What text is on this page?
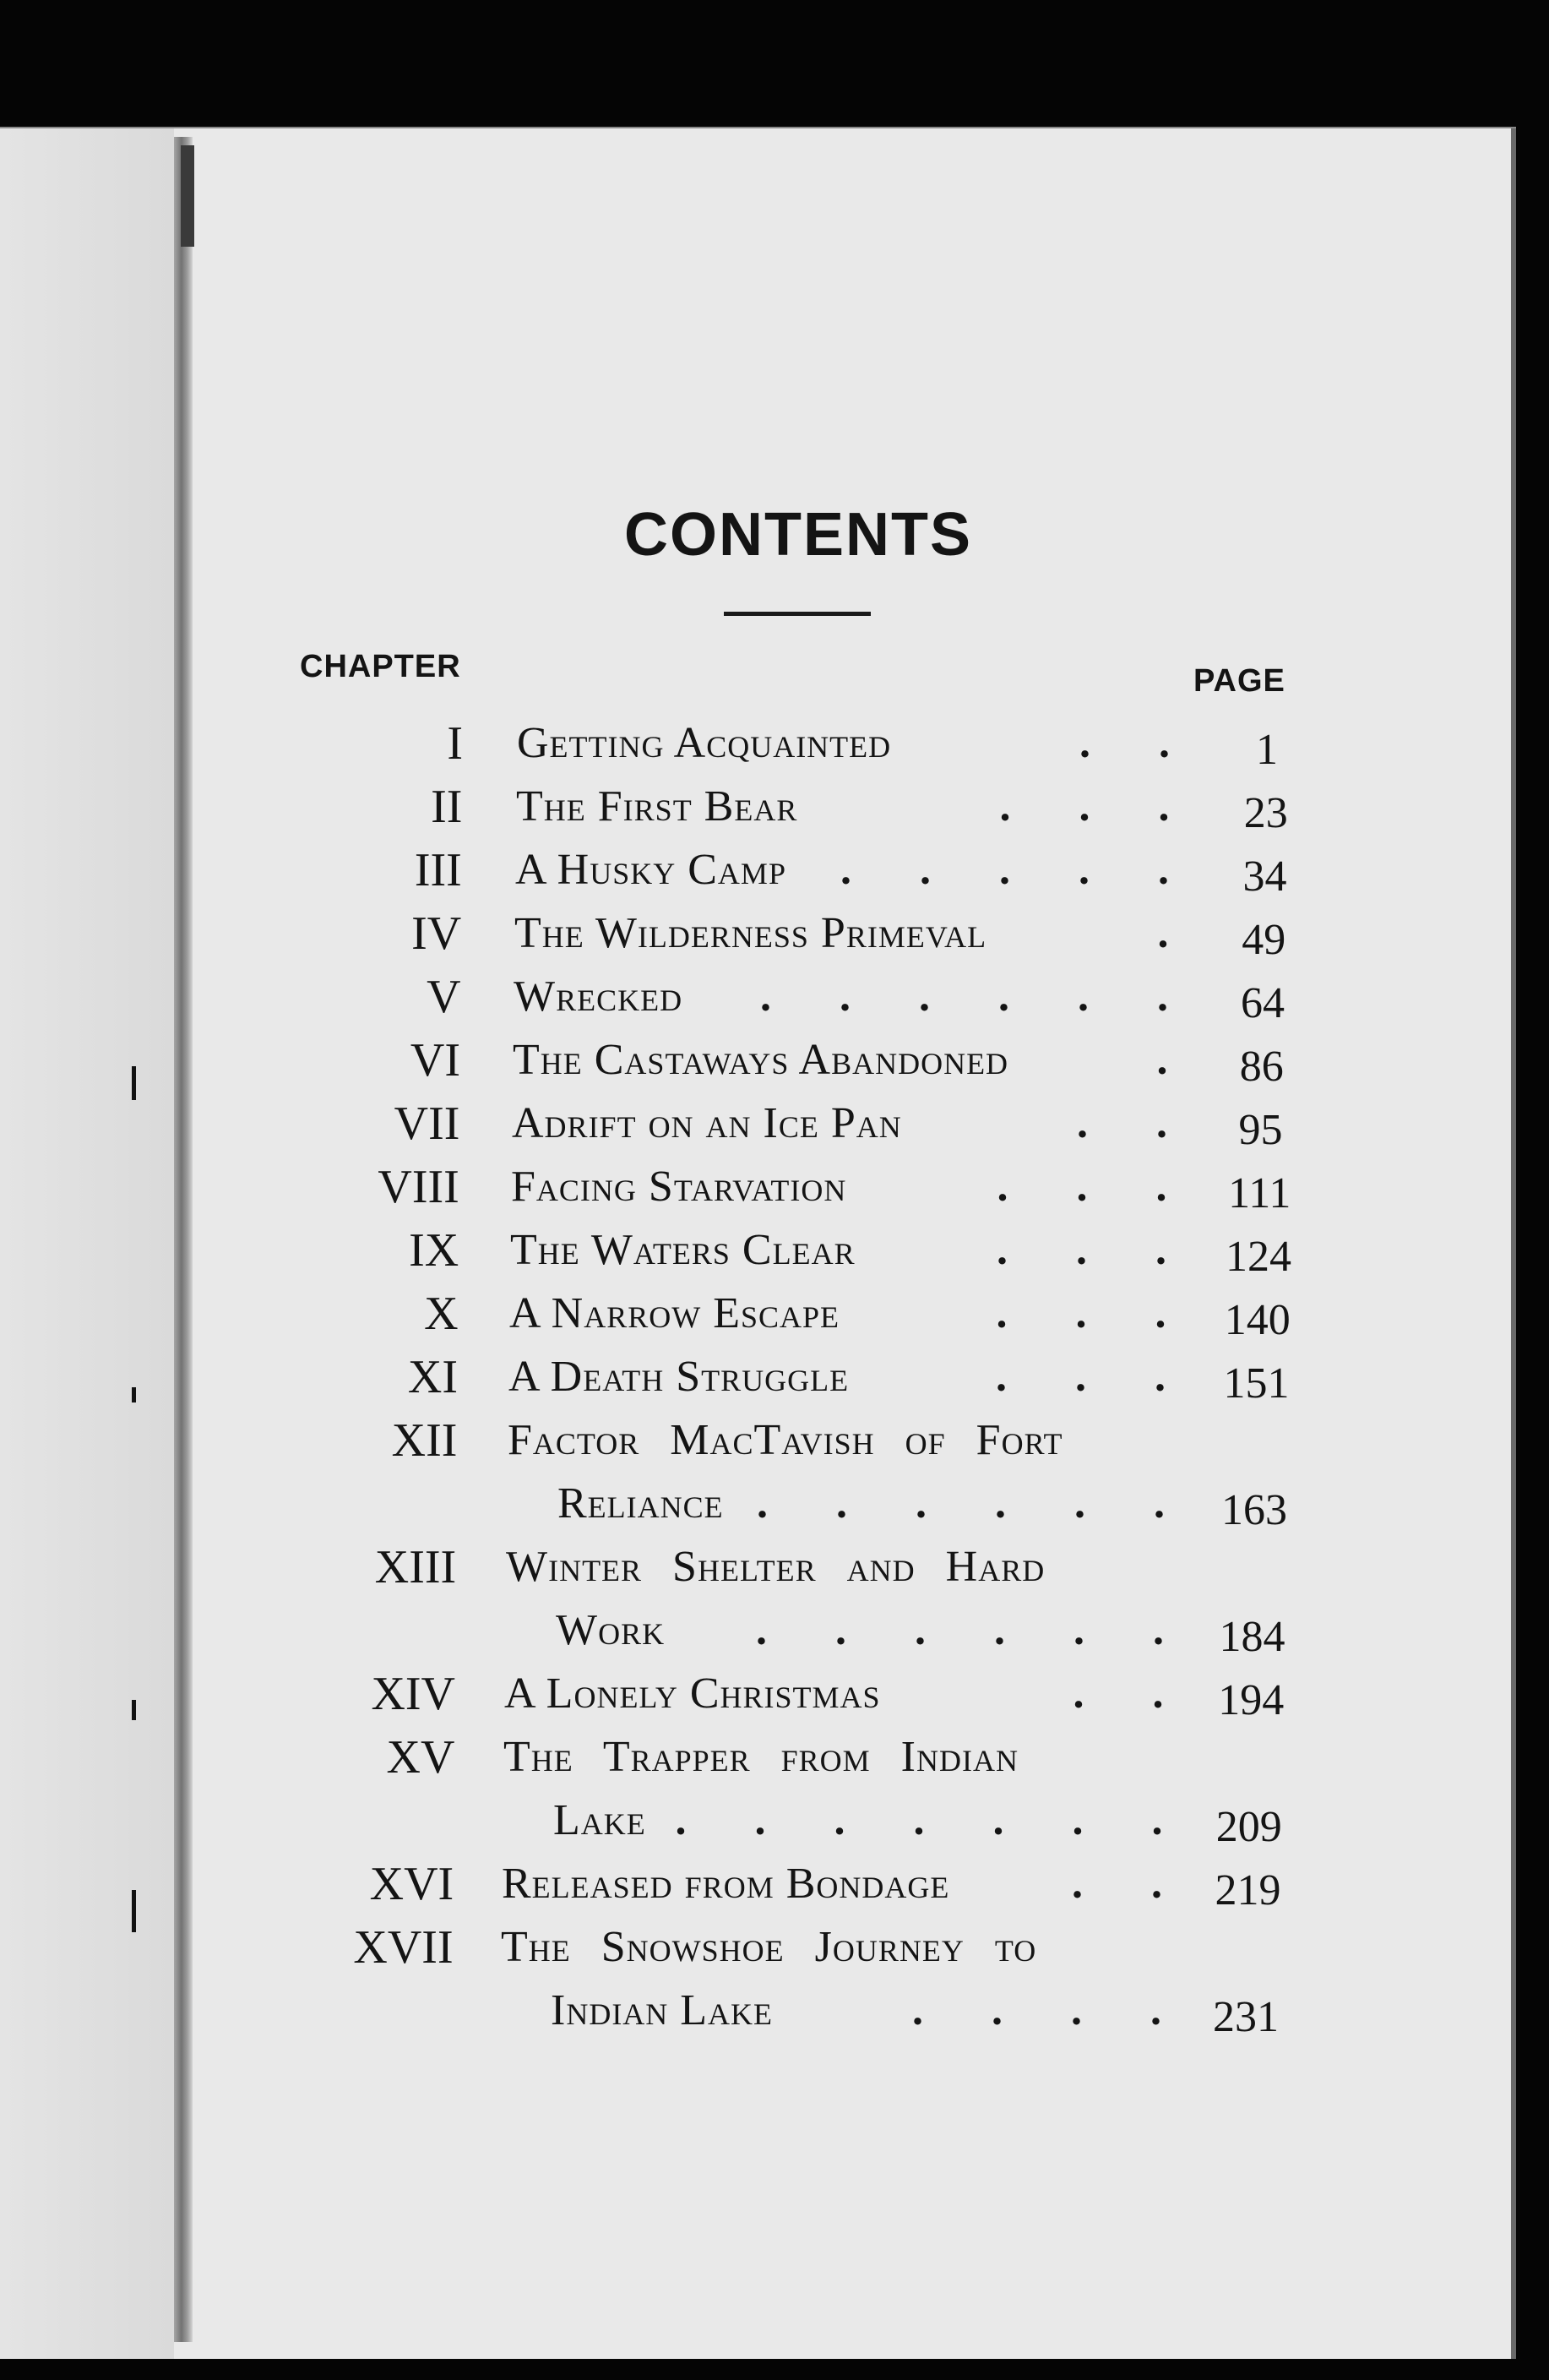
CONTENTS
CHAPTER	PAGE
I Getting Acquainted	. .	1
II The First Bear	. . .	23
III A Husky Camp . . . . .	34
IV The Wilderness Primeval	.	49
V Wrecked . . . . . .	64
VI The Castaways Abandoned	. 86
VII Adrift on an Ice Pan	. . 95
VIII Facing Starvation	. . . 111
IX The Waters Clear	. . . 124
X A Narrow Escape	. . . 140
XI A Death Struggle	. . . 151
XII Factor MacTavish of Fort
Reliance . . . . . . 163
XIII Winter Shelter and Hard
Work . . . . . . 184
XIV A Lonely Christmas	. . 194
XV The Trapper from Indian
Lake . . . . . . . 209
XVI Released from Bondage	. . 219
XVII The Snowshoe Journey to
Indian Lake	. . . . 231
